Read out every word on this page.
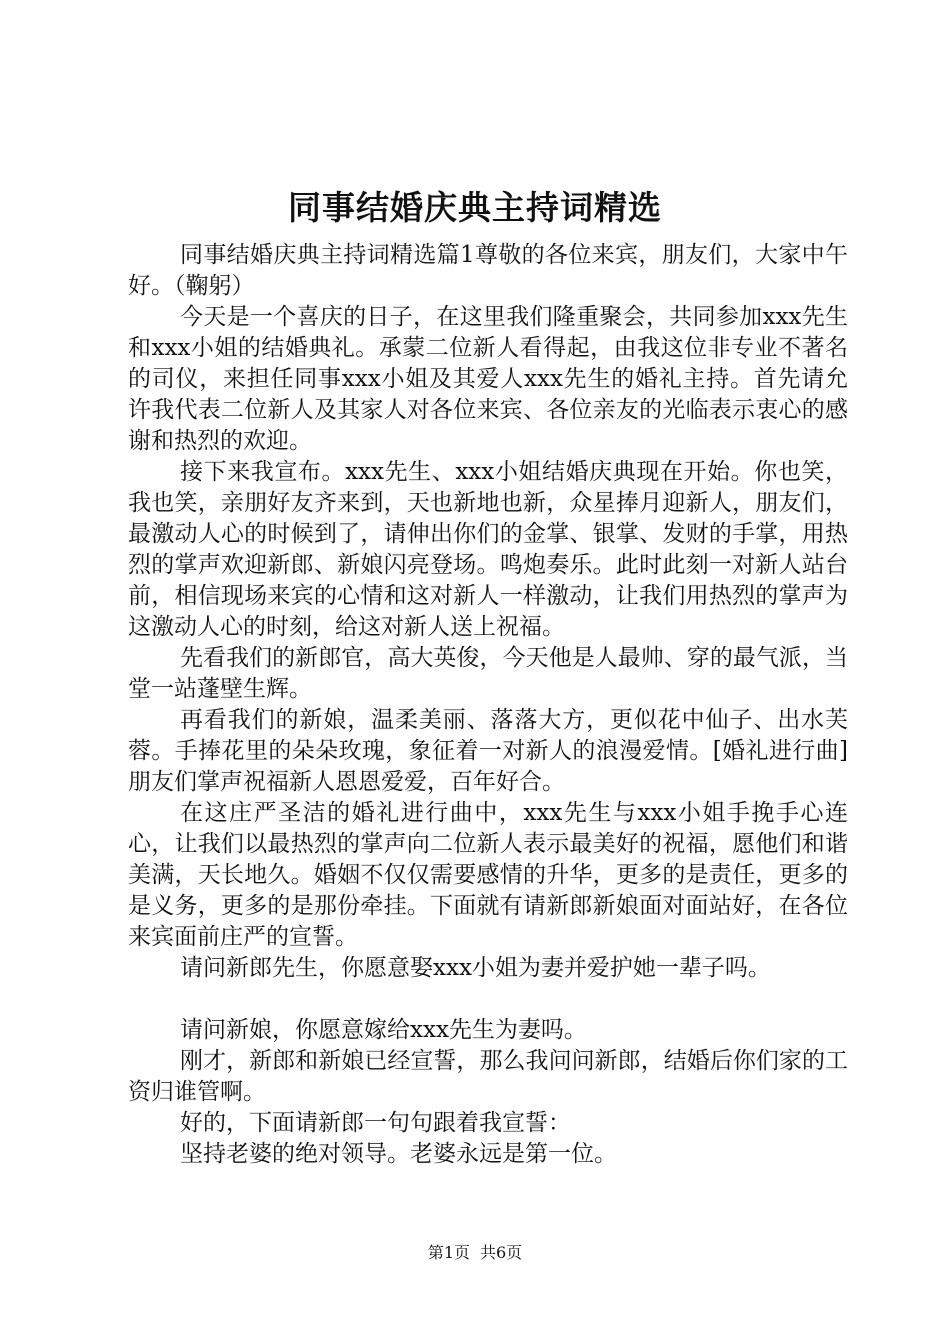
同事结婚庆典主持词精选

同事结婚庆典主持词精选篇1尊敬的各位来宾，朋友们，大家中午好。（鞠躬）

今天是一个喜庆的日子，在这里我们隆重聚会，共同参加xxx先生和xxx小姐的结婚典礼。承蒙二位新人看得起，由我这位非专业不著名的司仪，来担任同事xxx小姐及其爱人xxx先生的婚礼主持。首先请允许我代表二位新人及其家人对各位来宾、各位亲友的光临表示衷心的感谢和热烈的欢迎。

接下来我宣布。xxx先生、xxx小姐结婚庆典现在开始。你也笑，我也笑，亲朋好友齐来到，天也新地也新，众星捧月迎新人，朋友们，最激动人心的时候到了，请伸出你们的金掌、银掌、发财的手掌，用热烈的掌声欢迎新郎、新娘闪亮登场。鸣炮奏乐。此时此刻一对新人站台前，相信现场来宾的心情和这对新人一样激动，让我们用热烈的掌声为这激动人心的时刻，给这对新人送上祝福。

先看我们的新郎官，高大英俊，今天他是人最帅、穿的最气派，当堂一站蓬壁生辉。

再看我们的新娘，温柔美丽、落落大方，更似花中仙子、出水芙蓉。手捧花里的朵朵玫瑰，象征着一对新人的浪漫爱情。[婚礼进行曲]朋友们掌声祝福新人恩恩爱爱，百年好合。

在这庄严圣洁的婚礼进行曲中，xxx先生与xxx小姐手挽手心连心，让我们以最热烈的掌声向二位新人表示最美好的祝福，愿他们和谐美满，天长地久。婚姻不仅仅需要感情的升华，更多的是责任，更多的是义务，更多的是那份牵挂。下面就有请新郎新娘面对面站好，在各位来宾面前庄严的宣誓。

请问新郎先生，你愿意娶xxx小姐为妻并爱护她一辈子吗。

请问新娘，你愿意嫁给xxx先生为妻吗。

刚才，新郎和新娘已经宣誓，那么我问问新郎，结婚后你们家的工资归谁管啊。

好的，下面请新郎一句句跟着我宣誓：

坚持老婆的绝对领导。老婆永远是第一位。

第1页 共6页
